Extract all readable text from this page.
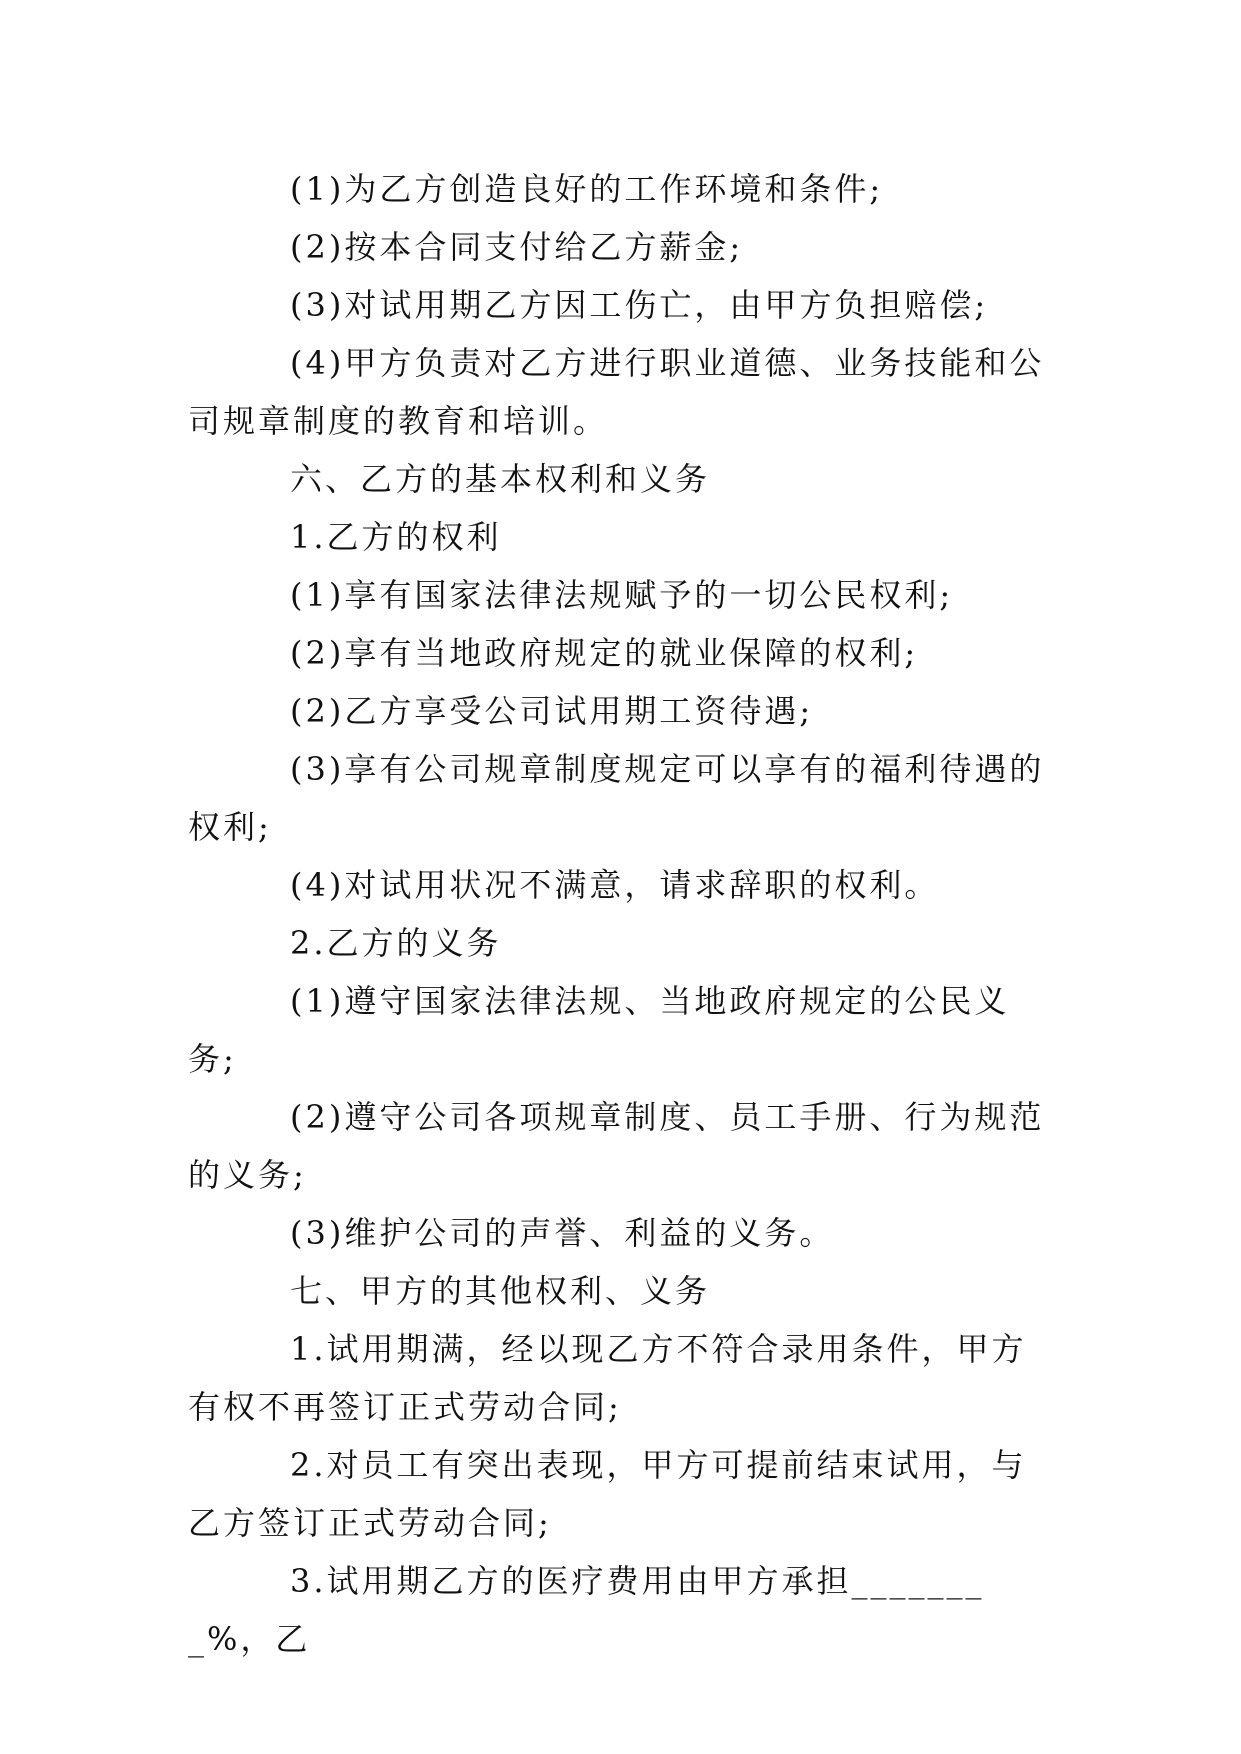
(1)为乙方创造良好的工作环境和条件;

(2)按本合同支付给乙方薪金;

(3)对试用期乙方因工伤亡，由甲方负担赔偿;

(4)甲方负责对乙方进行职业道德、业务技能和公司规章制度的教育和培训。

六、乙方的基本权利和义务

1.乙方的权利

(1)享有国家法律法规赋予的一切公民权利;

(2)享有当地政府规定的就业保障的权利;

(2)乙方享受公司试用期工资待遇;

(3)享有公司规章制度规定可以享有的福利待遇的权利;

(4)对试用状况不满意，请求辞职的权利。

2.乙方的义务

(1)遵守国家法律法规、当地政府规定的公民义务;

(2)遵守公司各项规章制度、员工手册、行为规范的义务;

(3)维护公司的声誉、利益的义务。

七、甲方的其他权利、义务

1.试用期满，经以现乙方不符合录用条件，甲方有权不再签订正式劳动合同;

2.对员工有突出表现，甲方可提前结束试用，与乙方签订正式劳动合同;

3.试用期乙方的医疗费用由甲方承担________%，乙
